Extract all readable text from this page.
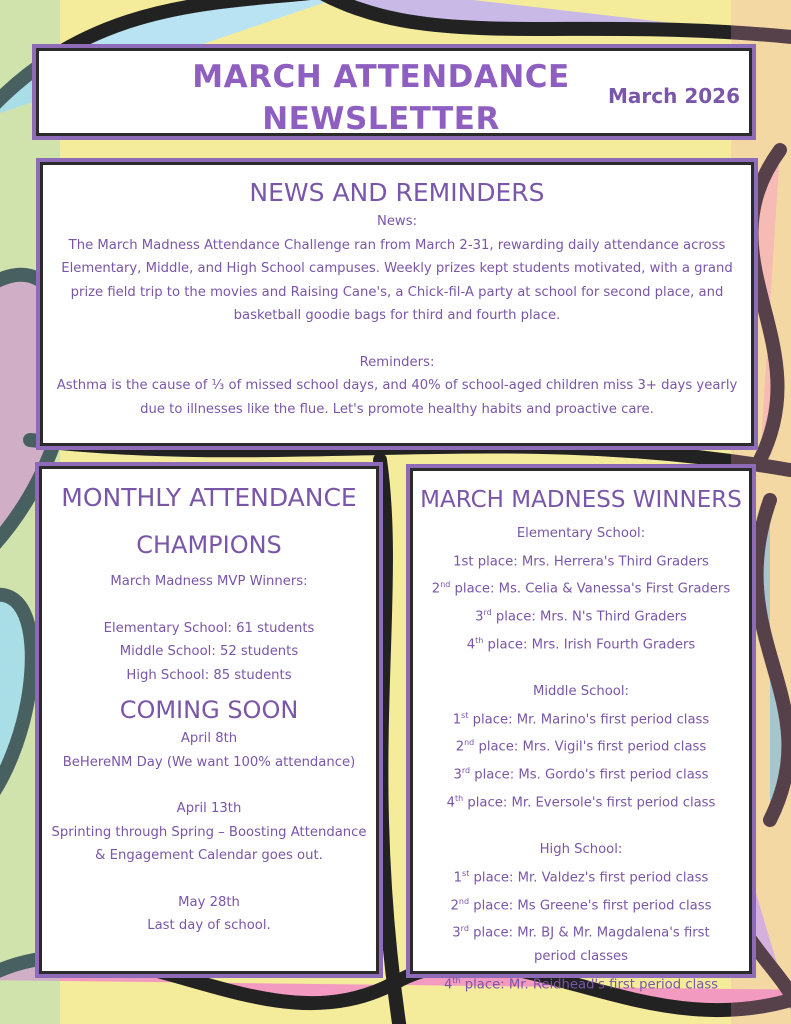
MARCH ATTENDANCE
NEWSLETTER
March 2026
NEWS AND REMINDERS
News:
The March Madness Attendance Challenge ran from March 2-31, rewarding daily attendance across Elementary, Middle, and High School campuses. Weekly prizes kept students motivated, with a grand prize field trip to the movies and Raising Cane's, a Chick-fil-A party at school for second place, and basketball goodie bags for third and fourth place.
Reminders:
Asthma is the cause of ⅓ of missed school days, and 40% of school-aged children miss 3+ days yearly due to illnesses like the flue. Let's promote healthy habits and proactive care.
MONTHLY ATTENDANCE
CHAMPIONS
March Madness MVP Winners:
Elementary School: 61 students
Middle School: 52 students
High School: 85 students
COMING SOON
April 8th
BeHereNM Day (We want 100% attendance)
April 13th
Sprinting through Spring – Boosting Attendance & Engagement Calendar goes out.
May 28th
Last day of school.
MARCH MADNESS WINNERS
Elementary School:
1st place: Mrs. Herrera's Third Graders
2nd place: Ms. Celia & Vanessa's First Graders
3rd place: Mrs. N's Third Graders
4th place: Mrs. Irish Fourth Graders
Middle School:
1st place: Mr. Marino's first period class
2nd place: Mrs. Vigil's first period class
3rd place: Ms. Gordo's first period class
4th place: Mr. Eversole's first period class
High School:
1st place: Mr. Valdez's first period class
2nd place: Ms Greene's first period class
3rd place: Mr. BJ & Mr. Magdalena's first period classes
4th place: Mr. Reidhead's first period class
